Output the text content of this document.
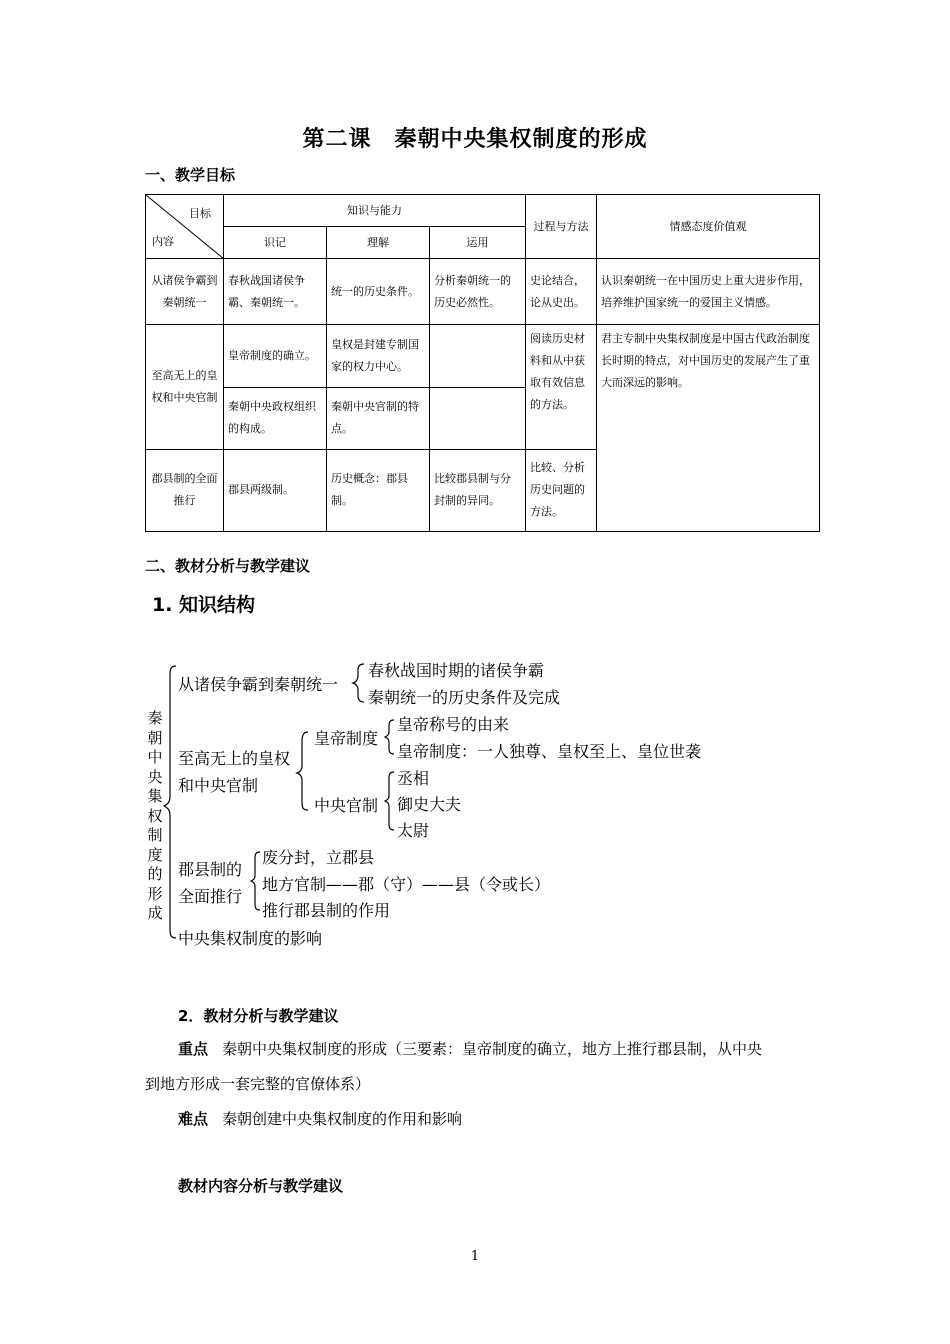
第二课　秦朝中央集权制度的形成
一、教学目标
目标
内容	知识与能力			过程与方法	情感态度价值观
	识记	理解	运用		
从诸侯争霸到秦朝统一	春秋战国诸侯争霸、秦朝统一。	统一的历史条件。	分析秦朝统一的历史必然性。	史论结合，论从史出。	认识秦朝统一在中国历史上重大进步作用，培养维护国家统一的爱国主义情感。
至高无上的皇权和中央官制	皇帝制度的确立。	皇权是封建专制国家的权力中心。		阅读历史材料和从中获取有效信息的方法。	君主专制中央集权制度是中国古代政治制度长时期的特点，对中国历史的发展产生了重大而深远的影响。
	秦朝中央政权组织的构成。	秦朝中央官制的特点。			
郡县制的全面推行	郡县两级制。	历史概念：郡县制。	比较郡县制与分封制的异同。	比较、分析历史问题的方法。	
二、教材分析与教学建议
1. 知识结构
秦朝中央集权制度的形成
从诸侯争霸到秦朝统一
春秋战国时期的诸侯争霸
秦朝统一的历史条件及完成
至高无上的皇权
和中央官制
皇帝制度
皇帝称号的由来
皇帝制度：一人独尊、皇权至上、皇位世袭
中央官制
丞相
御史大夫
太尉
郡县制的
全面推行
废分封，立郡县
地方官制——郡（守）——县（令或长）
推行郡县制的作用
中央集权制度的影响
2．教材分析与教学建议
重点 秦朝中央集权制度的形成（三要素：皇帝制度的确立，地方上推行郡县制，从中央
到地方形成一套完整的官僚体系）
难点 秦朝创建中央集权制度的作用和影响
教材内容分析与教学建议
1
